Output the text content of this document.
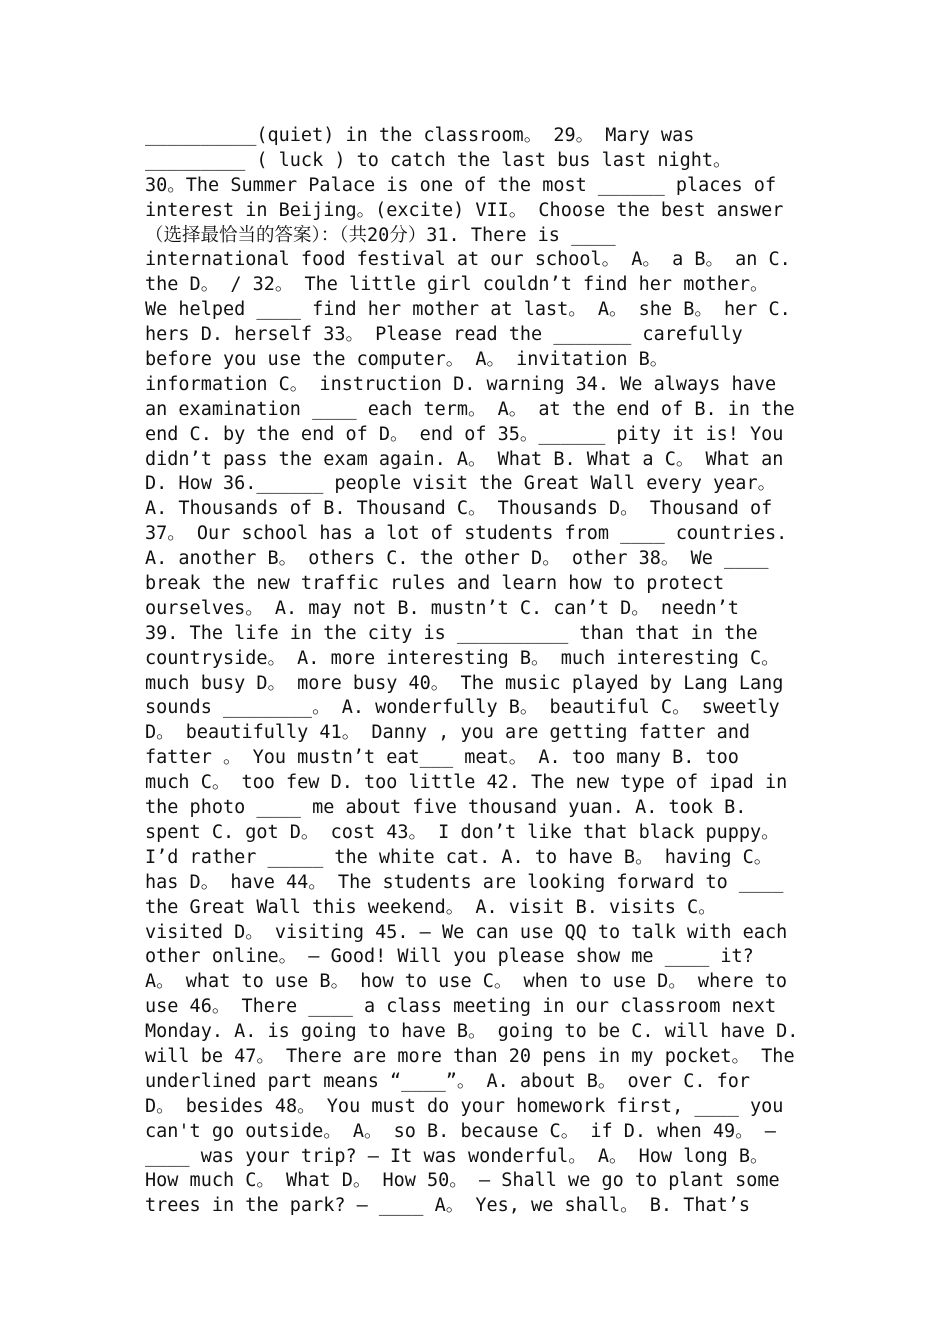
__________(quiet) in the classroom。 29。 Mary was
_________ ( luck ) to catch the last bus last night。
30。The Summer Palace is one of the most ______ places of
interest in Beijing。(excite) VII。 Choose the best answer
（选择最恰当的答案）：（共20分）31. There is ____
international food festival at our school。 A。 a B。 an C.
the D。 / 32。 The little girl couldn’t find her mother。
We helped ____ find her mother at last。 A。 she B。 her C.
hers D. herself 33。 Please read the _______ carefully
before you use the computer。 A。 invitation B。
information C。 instruction D. warning 34. We always have
an examination ____ each term。 A。 at the end of B. in the
end C. by the end of D。 end of 35。______ pity it is! You
didn’t pass the exam again. A。 What B. What a C。 What an
D. How 36.______ people visit the Great Wall every year。
A. Thousands of B. Thousand C。 Thousands D。 Thousand of
37。 Our school has a lot of students from ____ countries.
A. another B。 others C. the other D。 other 38。 We ____
break the new traffic rules and learn how to protect
ourselves。 A. may not B. mustn’t C. can’t D。 needn’t
39. The life in the city is __________ than that in the
countryside。 A. more interesting B。 much interesting C。
much busy D。 more busy 40。 The music played by Lang Lang
sounds ________。 A. wonderfully B。 beautiful C。 sweetly
D。 beautifully 41。 Danny , you are getting fatter and
fatter 。 You mustn’t eat___ meat。 A. too many B. too
much C。 too few D. too little 42. The new type of ipad in
the photo ____ me about five thousand yuan. A. took B.
spent C. got D。 cost 43。 I don’t like that black puppy。
I’d rather _____ the white cat. A. to have B。 having C。
has D。 have 44。 The students are looking forward to ____
the Great Wall this weekend。 A. visit B. visits C。
visited D。 visiting 45. — We can use QQ to talk with each
other online。 — Good! Will you please show me ____ it?
A。 what to use B。 how to use C。 when to use D。 where to
use 46。 There ____ a class meeting in our classroom next
Monday. A. is going to have B。 going to be C. will have D.
will be 47。 There are more than 20 pens in my pocket。 The
underlined part means “____”。 A. about B。 over C. for
D。 besides 48。 You must do your homework first, ____ you
can't go outside。 A。 so B. because C。 if D. when 49。 —
____ was your trip? — It was wonderful。 A。 How long B。
How much C。 What D。 How 50。 — Shall we go to plant some
trees in the park? — ____ A。 Yes, we shall。 B. That’s
